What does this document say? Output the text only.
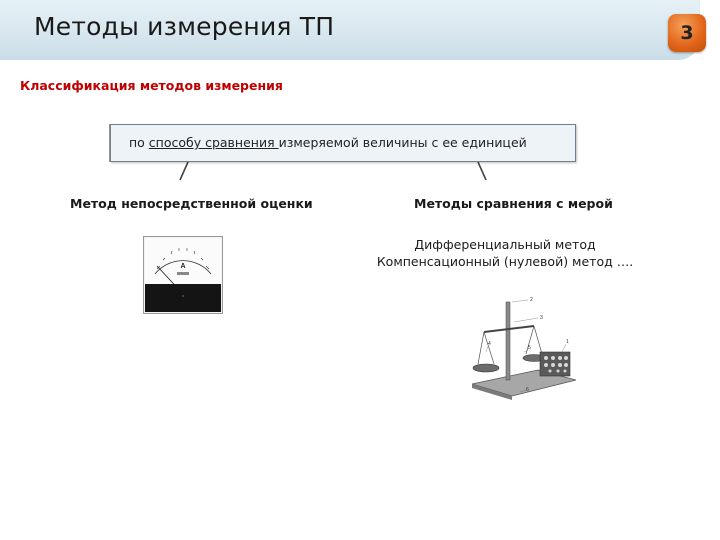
Методы измерения ТП	3
Классификация методов измерения
по способу сравнения измеряемой величины с ее единицей
Метод непосредственной оценки	Методы сравнения с мерой
Дифференциальный метод
Компенсационный (нулевой) метод ….
A
2
3
1
4
5
6
